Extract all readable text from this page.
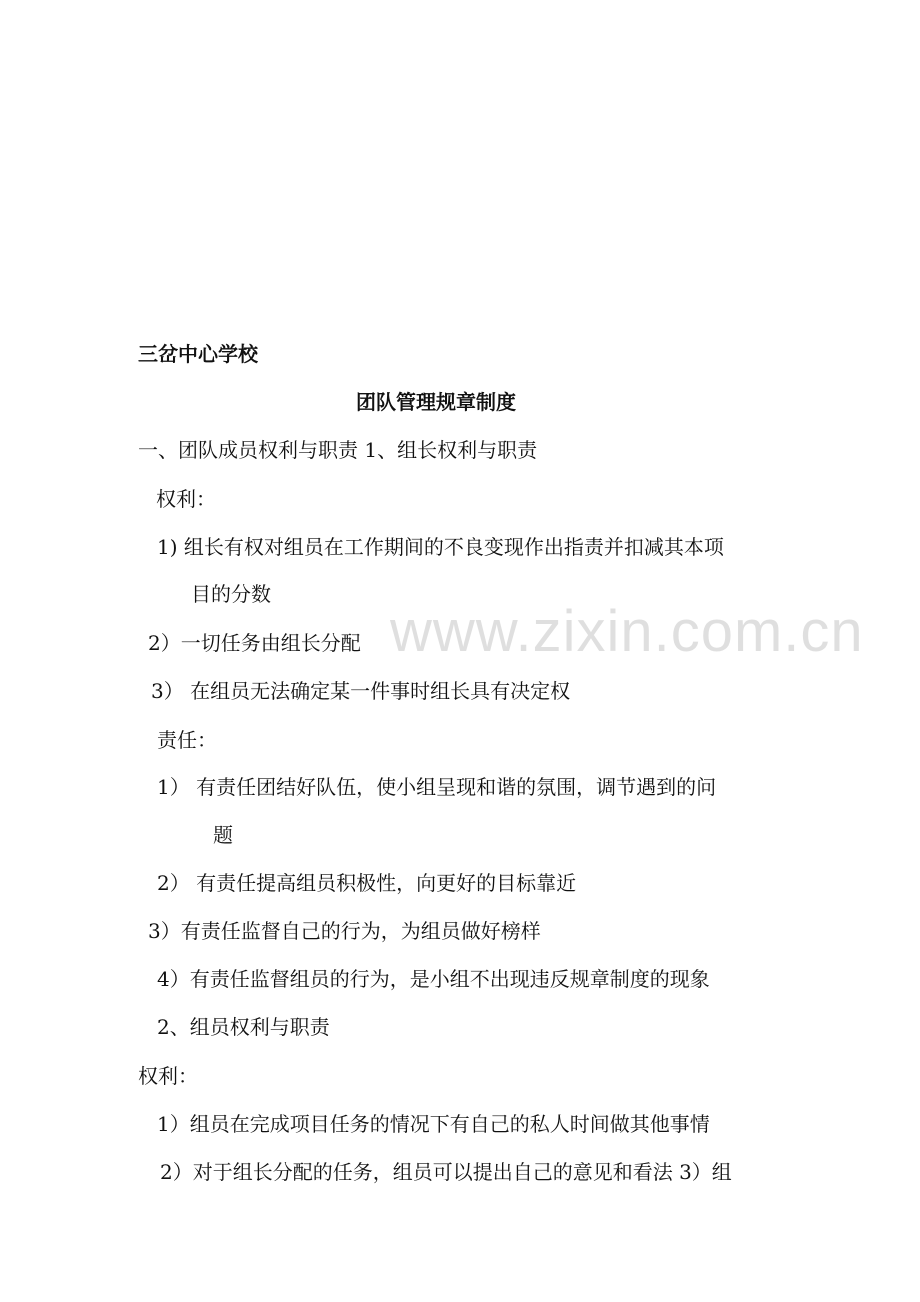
三岔中心学校
团队管理规章制度
一、团队成员权利与职责 1、组长权利与职责
权利：
1) 组长有权对组员在工作期间的不良变现作出指责并扣减其本项
目的分数
2）一切任务由组长分配
3） 在组员无法确定某一件事时组长具有决定权
责任：
1） 有责任团结好队伍，使小组呈现和谐的氛围，调节遇到的问
题
2） 有责任提高组员积极性，向更好的目标靠近
3）有责任监督自己的行为，为组员做好榜样
4）有责任监督组员的行为，是小组不出现违反规章制度的现象
2、组员权利与职责
权利：
1）组员在完成项目任务的情况下有自己的私人时间做其他事情
2）对于组长分配的任务，组员可以提出自己的意见和看法 3）组
www.zixin.com.cn
